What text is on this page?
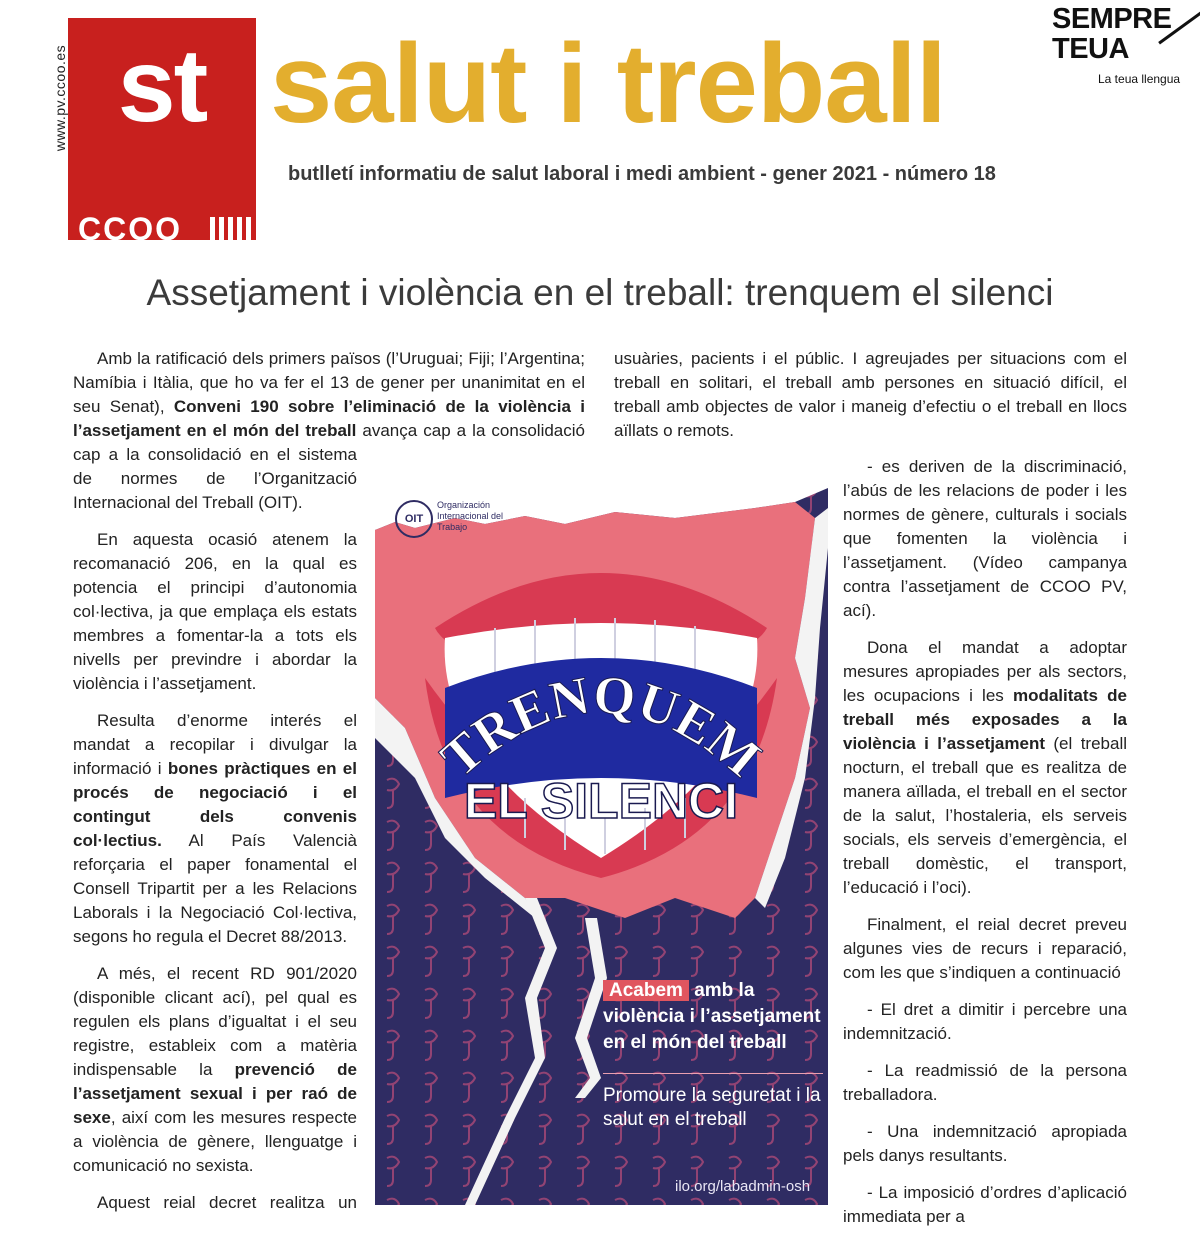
www.pv.ccoo.es st
CCOO
salut i treball
butlletí informatiu de salut laboral i medi ambient - gener 2021 - número 18
SEMPRE
TEUA
La teua llengua
Assetjament i violència en el treball: trenquem el silenci

Amb la ratificació dels primers països (l’Uruguai; Fiji; l’Argentina; Namíbia i Itàlia, que ho va fer el 13 de gener per unanimitat en el seu Senat), Conveni 190 sobre l’eliminació de la violència i l’assetjament en el món del treball avança cap a la consolidació

cap a la consolidació en el sistema de normes de l’Organització Internacional del Treball (OIT).

En aquesta ocasió atenem la recomanació 206, en la qual es potencia el principi d’autonomia col·lectiva, ja que emplaça els estats membres a fomentar-la a tots els nivells per previndre i abordar la violència i l’assetjament.

Resulta d’enorme interés el mandat a recopilar i divulgar la informació i bones pràctiques en el procés de negociació i el contingut dels convenis col·lectius. Al País Valencià reforçaria el paper fonamental el Consell Tripartit per a les Relacions Laborals i la Negociació Col·lectiva, segons ho regula el Decret 88/2013.

A més, el recent RD 901/2020 (disponible clicant ací), pel qual es regulen els plans d’igualtat i el seu registre, estableix com a matèria indispensable la prevenció de l’assetjament sexual i per raó de sexe, així com les mesures respecte a violència de gènere, llenguatge i comunicació no sexista.

Aquest reial decret realitza un

usuàries, pacients i el públic. I agreujades per situacions com el treball en solitari, el treball amb persones en situació difícil, el treball amb objectes de valor i maneig d’efectiu o el treball en llocs aïllats o remots.

- es deriven de la discriminació, l’abús de les relacions de poder i les normes de gènere, culturals i socials que fomenten la violència i l’assetjament. (Vídeo campanya contra l’assetjament de CCOO PV, ací).

Dona el mandat a adoptar mesures apropiades per als sectors, les ocupacions i les modalitats de treball més exposades a la violència i l’assetjament (el treball nocturn, el treball que es realitza de manera aïllada, el treball en el sector de la salut, l’hostaleria, els serveis socials, els serveis d’emergència, el treball domèstic, el transport, l’educació i l’oci).

Finalment, el reial decret preveu algunes vies de recurs i reparació, com les que s’indiquen a continuació

- El dret a dimitir i percebre una indemnització.

- La readmissió de la persona treballadora.

- Una indemnització apropiada pels danys resultants.

- La imposició d’ordres d’aplicació immediata per a

TRENQUEM
EL SILENCI
OIT
Organización Internacional del Trabajo
Acabem amb la violència i l’assetjament en el món del treball
Promoure la seguretat i la salut en el treball
ilo.org/labadmin-osh
